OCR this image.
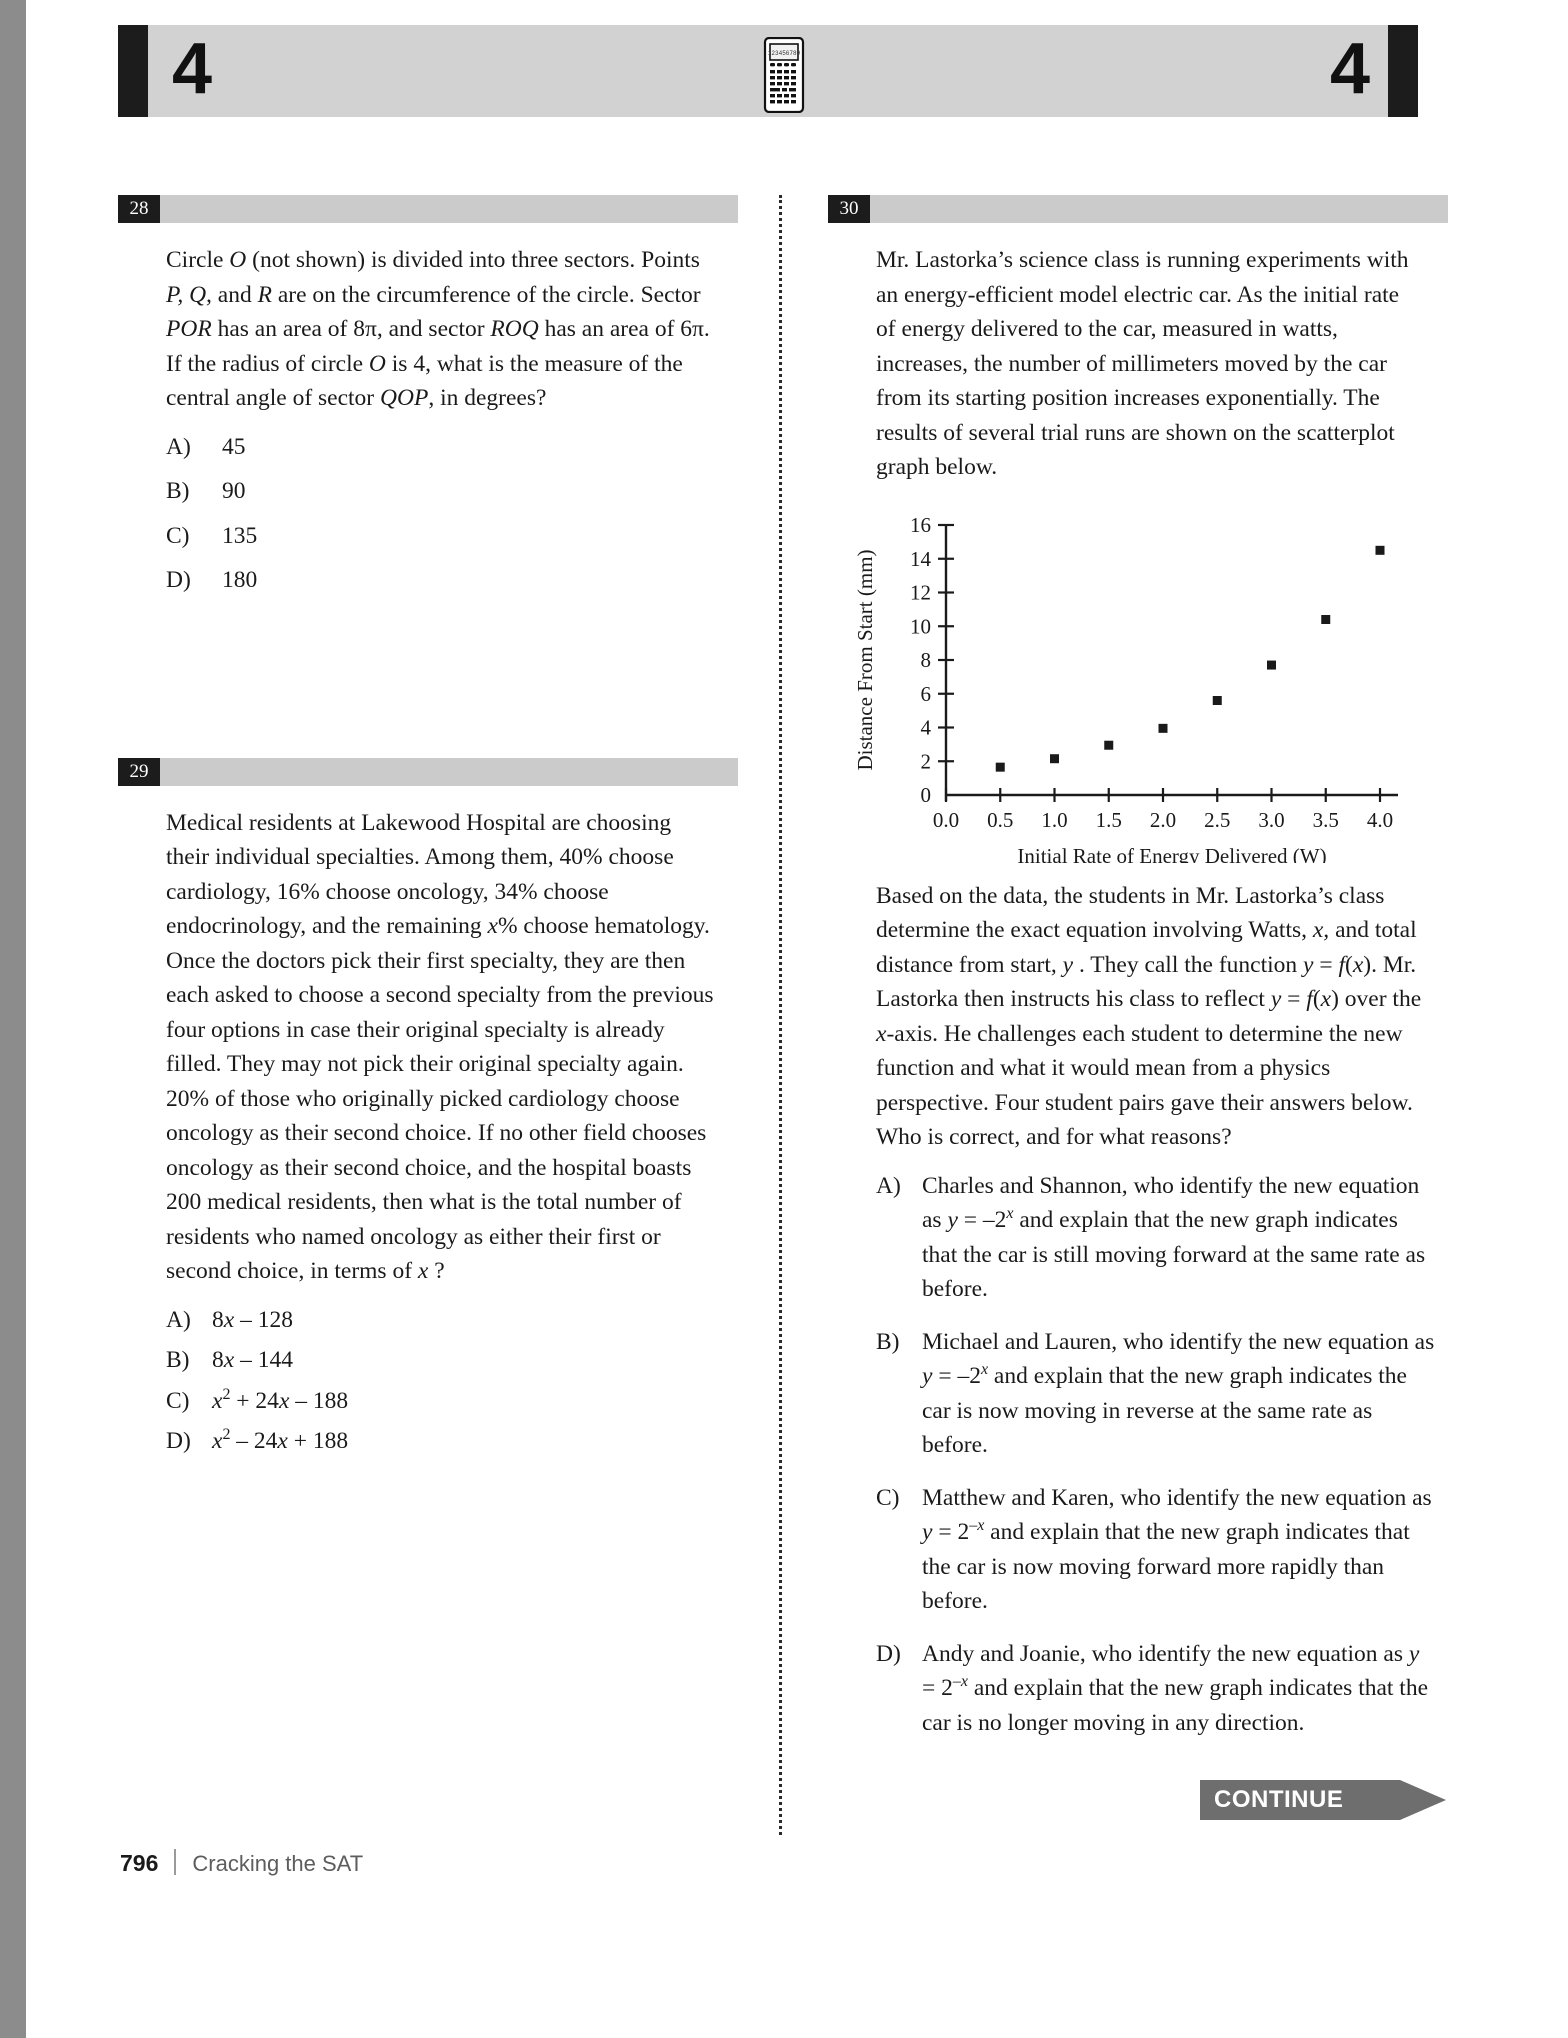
4	4
123456789
28
Circle O (not shown) is divided into three sectors. Points P, Q, and R are on the circumference of the circle. Sector POR has an area of 8π, and sector ROQ has an area of 6π. If the radius of circle O is 4, what is the measure of the central angle of sector QOP, in degrees?
A)	45
B)	90
C)	135
D)	180
29
Medical residents at Lakewood Hospital are choosing their individual specialties. Among them, 40% choose cardiology, 16% choose oncology, 34% choose endocrinology, and the remaining x% choose hematology. Once the doctors pick their first specialty, they are then each asked to choose a second specialty from the previous four options in case their original specialty is already filled. They may not pick their original specialty again. 20% of those who originally picked cardiology choose oncology as their second choice. If no other field chooses oncology as their second choice, and the hospital boasts 200 medical residents, then what is the total number of residents who named oncology as either their first or second choice, in terms of x ?
A) 8x – 128
B) 8x – 144
C) $x^2 + 24x - 188$
D) $x^2 - 24x + 188$
30
Mr. Lastorka’s science class is running experiments with an energy-efficient model electric car. As the initial rate of energy delivered to the car, measured in watts, increases, the number of millimeters moved by the car from its starting position increases exponentially. The results of several trial runs are shown on the scatterplot graph below.
0
2
4
6
8
10
12
14
16
0.0 0.5 1.0 1.5 2.0 2.5 3.0 3.5 4.0
Distance From Start (mm)
Initial Rate of Energy Delivered (W)
Based on the data, the students in Mr. Lastorka’s class determine the exact equation involving Watts, x, and total distance from start, y . They call the function y = f(x). Mr. Lastorka then instructs his class to reflect y = f(x) over the x-axis. He challenges each student to determine the new function and what it would mean from a physics perspective. Four student pairs gave their answers below. Who is correct, and for what reasons?
A) Charles and Shannon, who identify the new equation as $y = -2^x$ and explain that the new graph indicates that the car is still moving forward at the same rate as before.
B) Michael and Lauren, who identify the new equation as $y = -2^x$ and explain that the new graph indicates the car is now moving in reverse at the same rate as before.
C) Matthew and Karen, who identify the new equation as $y = 2^{-x}$ and explain that the new graph indicates that the car is now moving forward more rapidly than before.
D) Andy and Joanie, who identify the new equation as $y = 2^{-x}$ and explain that the new graph indicates that the car is no longer moving in any direction.
CONTINUE
796 Cracking the SAT
